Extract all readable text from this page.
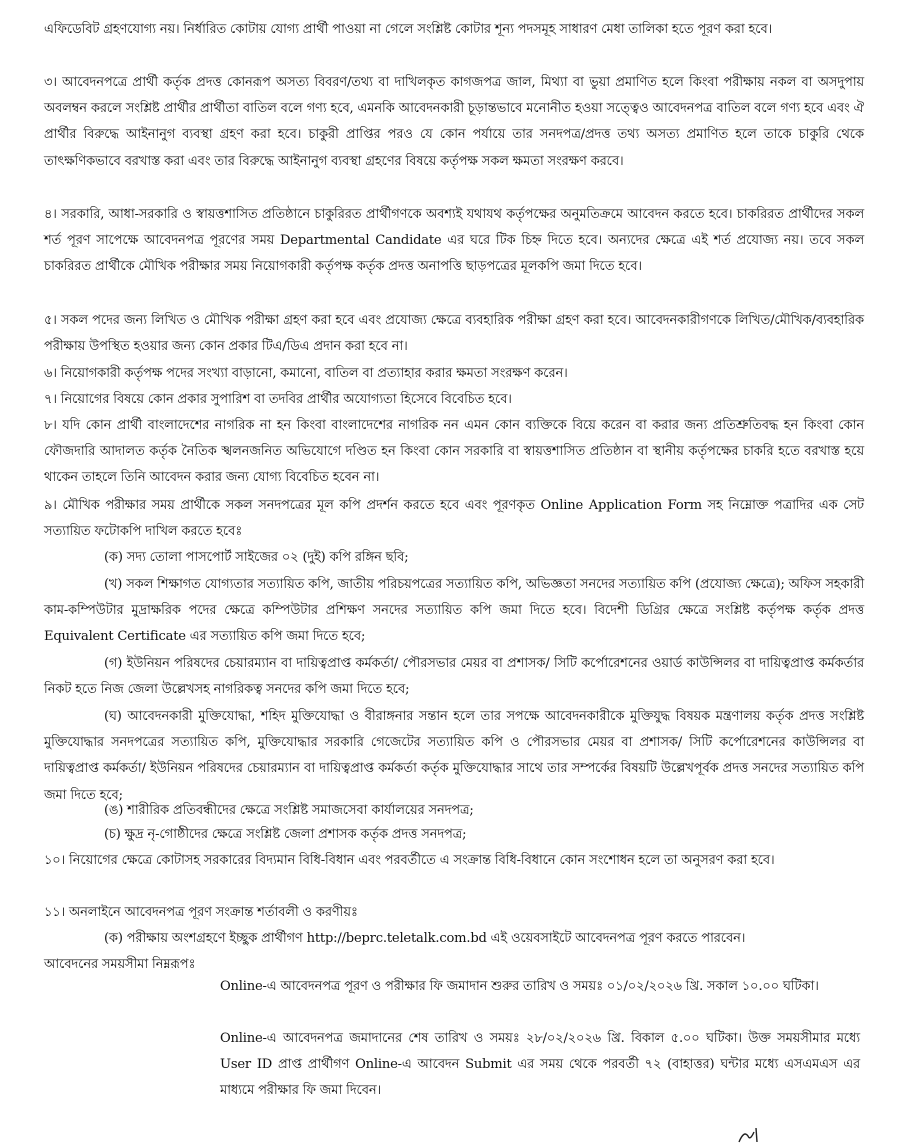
এফিডেবিট গ্রহণযোগ্য নয়। নির্ধারিত কোটায় যোগ্য প্রার্থী পাওয়া না গেলে সংশ্লিষ্ট কোটার শূন্য পদসমূহ সাধারণ মেধা তালিকা হতে পূরণ করা হবে।
৩। আবেদনপত্রে প্রার্থী কর্তৃক প্রদত্ত কোনরূপ অসত্য বিবরণ/তথ্য বা দাখিলকৃত কাগজপত্র জাল, মিথ্যা বা ভুয়া প্রমাণিত হলে কিংবা পরীক্ষায় নকল বা অসদুপায় অবলম্বন করলে সংশ্লিষ্ট প্রার্থীর প্রার্থীতা বাতিল বলে গণ্য হবে, এমনকি আবেদনকারী চূড়ান্তভাবে মনোনীত হওয়া সত্ত্বেও আবেদনপত্র বাতিল বলে গণ্য হবে এবং ঐ প্রার্থীর বিরুদ্ধে আইনানুগ ব্যবস্থা গ্রহণ করা হবে। চাকুরী প্রাপ্তির পরও যে কোন পর্যায়ে তার সনদপত্র/প্রদত্ত তথ্য অসত্য প্রমাণিত হলে তাকে চাকুরি থেকে তাৎক্ষণিকভাবে বরখাস্ত করা এবং তার বিরুদ্ধে আইনানুগ ব্যবস্থা গ্রহণের বিষয়ে কর্তৃপক্ষ সকল ক্ষমতা সংরক্ষণ করবে।
৪। সরকারি, আধা-সরকারি ও স্বায়ত্তশাসিত প্রতিষ্ঠানে চাকুরিরত প্রার্থীগণকে অবশ্যই যথাযথ কর্তৃপক্ষের অনুমতিক্রমে আবেদন করতে হবে। চাকরিরত প্রার্থীদের সকল শর্ত পূরণ সাপেক্ষে আবেদনপত্র পূরণের সময় Departmental Candidate এর ঘরে টিক চিহ্ন দিতে হবে। অন্যদের ক্ষেত্রে এই শর্ত প্রযোজ্য নয়। তবে সকল চাকরিরত প্রার্থীকে মৌখিক পরীক্ষার সময় নিয়োগকারী কর্তৃপক্ষ কর্তৃক প্রদত্ত অনাপত্তি ছাড়পত্রের মূলকপি জমা দিতে হবে।
৫। সকল পদের জন্য লিখিত ও মৌখিক পরীক্ষা গ্রহণ করা হবে এবং প্রযোজ্য ক্ষেত্রে ব্যবহারিক পরীক্ষা গ্রহণ করা হবে। আবেদনকারীগণকে লিখিত/মৌখিক/ব্যবহারিক পরীক্ষায় উপস্থিত হওয়ার জন্য কোন প্রকার টিএ/ডিএ প্রদান করা হবে না।
৬। নিয়োগকারী কর্তৃপক্ষ পদের সংখ্যা বাড়ানো, কমানো, বাতিল বা প্রত্যাহার করার ক্ষমতা সংরক্ষণ করেন।
৭। নিয়োগের বিষয়ে কোন প্রকার সুপারিশ বা তদবির প্রার্থীর অযোগ্যতা হিসেবে বিবেচিত হবে।
৮। যদি কোন প্রার্থী বাংলাদেশের নাগরিক না হন কিংবা বাংলাদেশের নাগরিক নন এমন কোন ব্যক্তিকে বিয়ে করেন বা করার জন্য প্রতিশ্রুতিবদ্ধ হন কিংবা কোন ফৌজদারি আদালত কর্তৃক নৈতিক স্খলনজনিত অভিযোগে দণ্ডিত হন কিংবা কোন সরকারি বা স্বায়ত্তশাসিত প্রতিষ্ঠান বা স্থানীয় কর্তৃপক্ষের চাকরি হতে বরখাস্ত হয়ে থাকেন তাহলে তিনি আবেদন করার জন্য যোগ্য বিবেচিত হবেন না।
৯। মৌখিক পরীক্ষার সময় প্রার্থীকে সকল সনদপত্রের মূল কপি প্রদর্শন করতে হবে এবং পূরণকৃত Online Application Form সহ নিম্নোক্ত পত্রাদির এক সেট সত্যায়িত ফটোকপি দাখিল করতে হবেঃ
(ক) সদ্য তোলা পাসপোর্ট সাইজের ০২ (দুই) কপি রঙ্গিন ছবি;
(খ) সকল শিক্ষাগত যোগ্যতার সত্যায়িত কপি, জাতীয় পরিচয়পত্রের সত্যায়িত কপি, অভিজ্ঞতা সনদের সত্যায়িত কপি (প্রযোজ্য ক্ষেত্রে); অফিস সহকারী কাম-কম্পিউটার মুদ্রাক্ষরিক পদের ক্ষেত্রে কম্পিউটার প্রশিক্ষণ সনদের সত্যায়িত কপি জমা দিতে হবে। বিদেশী ডিগ্রির ক্ষেত্রে সংশ্লিষ্ট কর্তৃপক্ষ কর্তৃক প্রদত্ত Equivalent Certificate এর সত্যায়িত কপি জমা দিতে হবে;
(গ) ইউনিয়ন পরিষদের চেয়ারম্যান বা দায়িত্বপ্রাপ্ত কর্মকর্তা/ পৌরসভার মেয়র বা প্রশাসক/ সিটি কর্পোরেশনের ওয়ার্ড কাউন্সিলর বা দায়িত্বপ্রাপ্ত কর্মকর্তার নিকট হতে নিজ জেলা উল্লেখসহ নাগরিকত্ব সনদের কপি জমা দিতে হবে;
(ঘ) আবেদনকারী মুক্তিযোদ্ধা, শহিদ মুক্তিযোদ্ধা ও বীরাঙ্গনার সন্তান হলে তার সপক্ষে আবেদনকারীকে মুক্তিযুদ্ধ বিষয়ক মন্ত্রণালয় কর্তৃক প্রদত্ত সংশ্লিষ্ট মুক্তিযোদ্ধার সনদপত্রের সত্যায়িত কপি, মুক্তিযোদ্ধার সরকারি গেজেটের সত্যায়িত কপি ও পৌরসভার মেয়র বা প্রশাসক/ সিটি কর্পোরেশনের কাউন্সিলর বা দায়িত্বপ্রাপ্ত কর্মকর্তা/ ইউনিয়ন পরিষদের চেয়ারম্যান বা দায়িত্বপ্রাপ্ত কর্মকর্তা কর্তৃক মুক্তিযোদ্ধার সাথে তার সম্পর্কের বিষয়টি উল্লেখপূর্বক প্রদত্ত সনদের সত্যায়িত কপি জমা দিতে হবে;
(ঙ) শারীরিক প্রতিবন্ধীদের ক্ষেত্রে সংশ্লিষ্ট সমাজসেবা কার্যালয়ের সনদপত্র;
(চ) ক্ষুদ্র নৃ-গোষ্ঠীদের ক্ষেত্রে সংশ্লিষ্ট জেলা প্রশাসক কর্তৃক প্রদত্ত সনদপত্র;
১০। নিয়োগের ক্ষেত্রে কোটাসহ সরকারের বিদ্যমান বিধি-বিধান এবং পরবর্তীতে এ সংক্রান্ত বিধি-বিধানে কোন সংশোধন হলে তা অনুসরণ করা হবে।
১১। অনলাইনে আবেদনপত্র পূরণ সংক্রান্ত শর্তাবলী ও করণীয়ঃ
(ক) পরীক্ষায় অংশগ্রহণে ইচ্ছুক প্রার্থীগণ http://beprc.teletalk.com.bd এই ওয়েবসাইটে আবেদনপত্র পূরণ করতে পারবেন।
আবেদনের সময়সীমা নিম্নরূপঃ
Online-এ আবেদনপত্র পূরণ ও পরীক্ষার ফি জমাদান শুরুর তারিখ ও সময়ঃ ০১/০২/২০২৬ খ্রি. সকাল ১০.০০ ঘটিকা।
Online-এ আবেদনপত্র জমাদানের শেষ তারিখ ও সময়ঃ ২৮/০২/২০২৬ খ্রি. বিকাল ৫.০০ ঘটিকা। উক্ত সময়সীমার মধ্যে User ID প্রাপ্ত প্রার্থীগণ Online-এ আবেদন Submit এর সময় থেকে পরবর্তী ৭২ (বাহাত্তর) ঘন্টার মধ্যে এসএমএস এর মাধ্যমে পরীক্ষার ফি জমা দিবেন।
